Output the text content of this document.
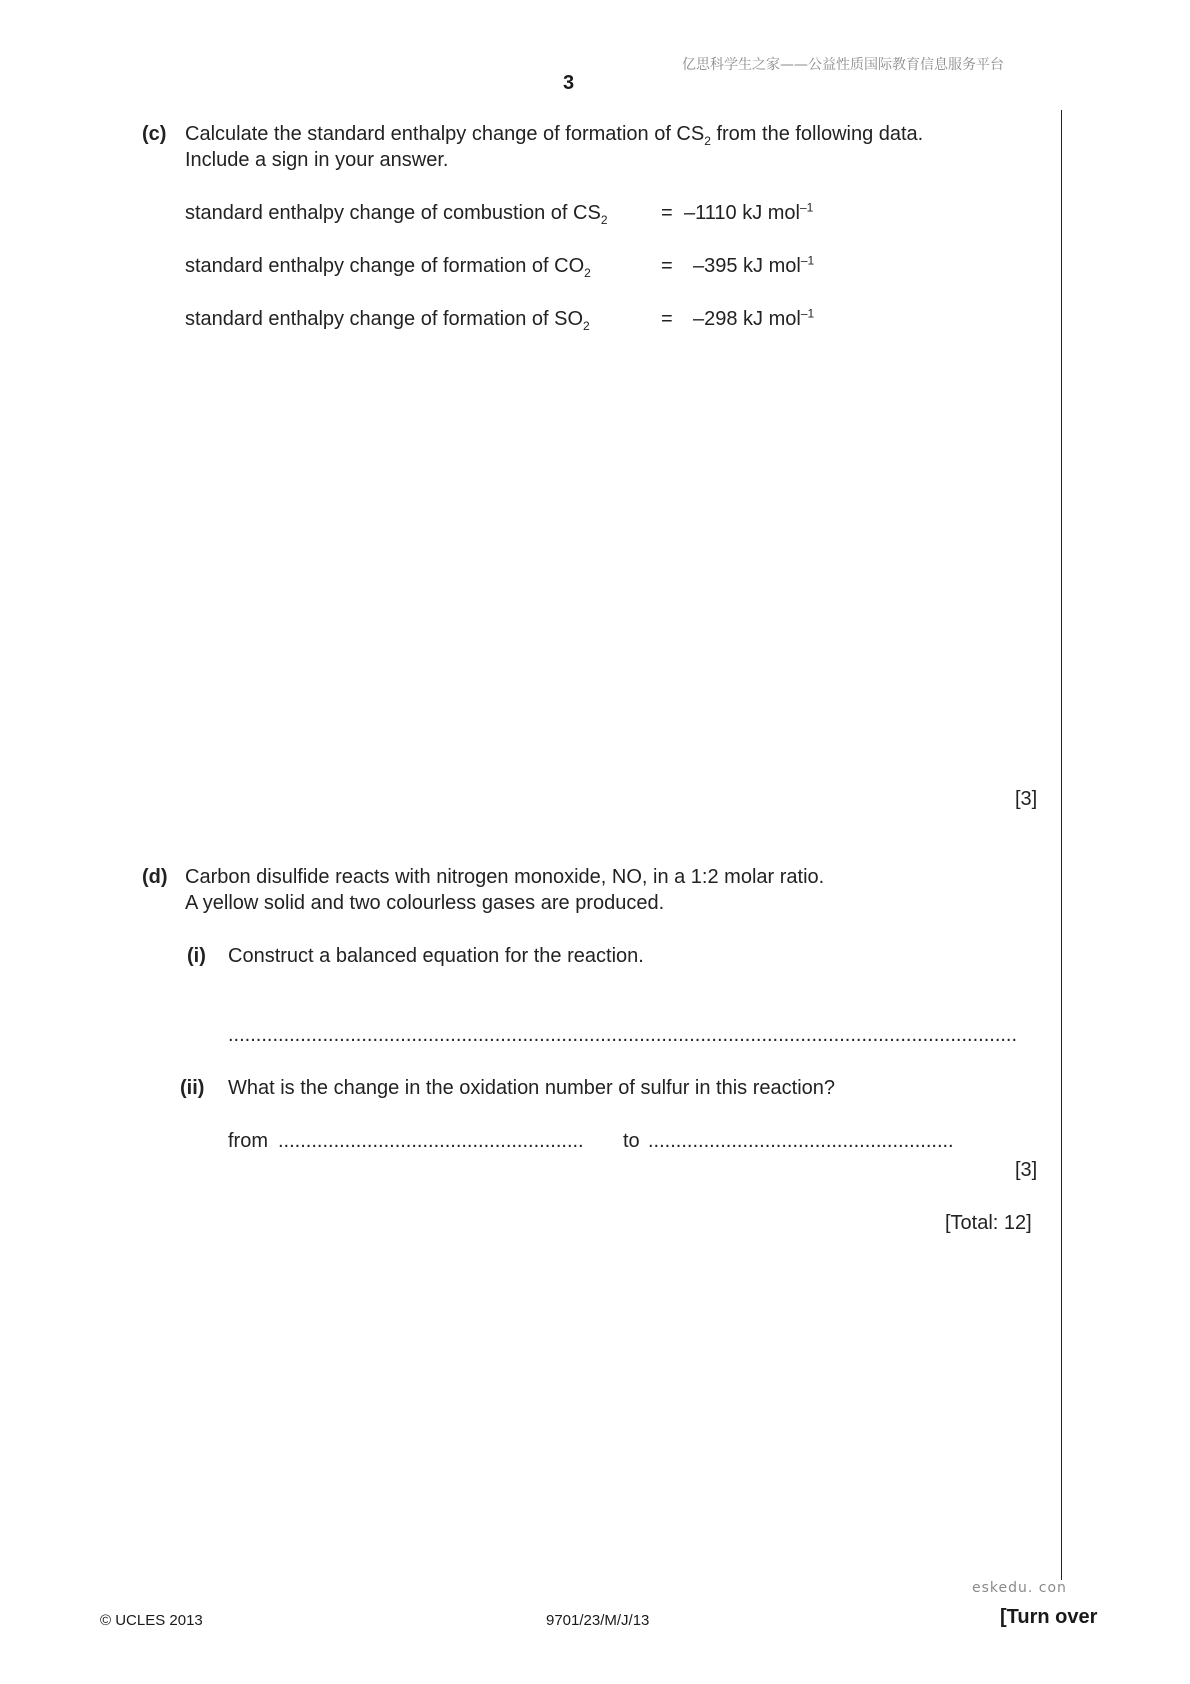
亿思科学生之家——公益性质国际教育信息服务平台
3
(c) Calculate the standard enthalpy change of formation of $CS_2$ from the following data.
Include a sign in your answer.
standard enthalpy change of combustion of $CS_2$	= –1110 kJ mol$^{-1}$
standard enthalpy change of formation of $CO_2$	= –395 kJ mol$^{-1}$
standard enthalpy change of formation of $SO_2$	= –298 kJ mol$^{-1}$
[3]
(d) Carbon disulfide reacts with nitrogen monoxide, NO, in a 1:2 molar ratio.
A yellow solid and two colourless gases are produced.
(i) Construct a balanced equation for the reaction.
..............................................................................................................................................
(ii) What is the change in the oxidation number of sulfur in this reaction?
from .......................................................	to .......................................................
[3]
[Total: 12]
eskedu. con
© UCLES 2013	9701/23/M/J/13	[Turn over
